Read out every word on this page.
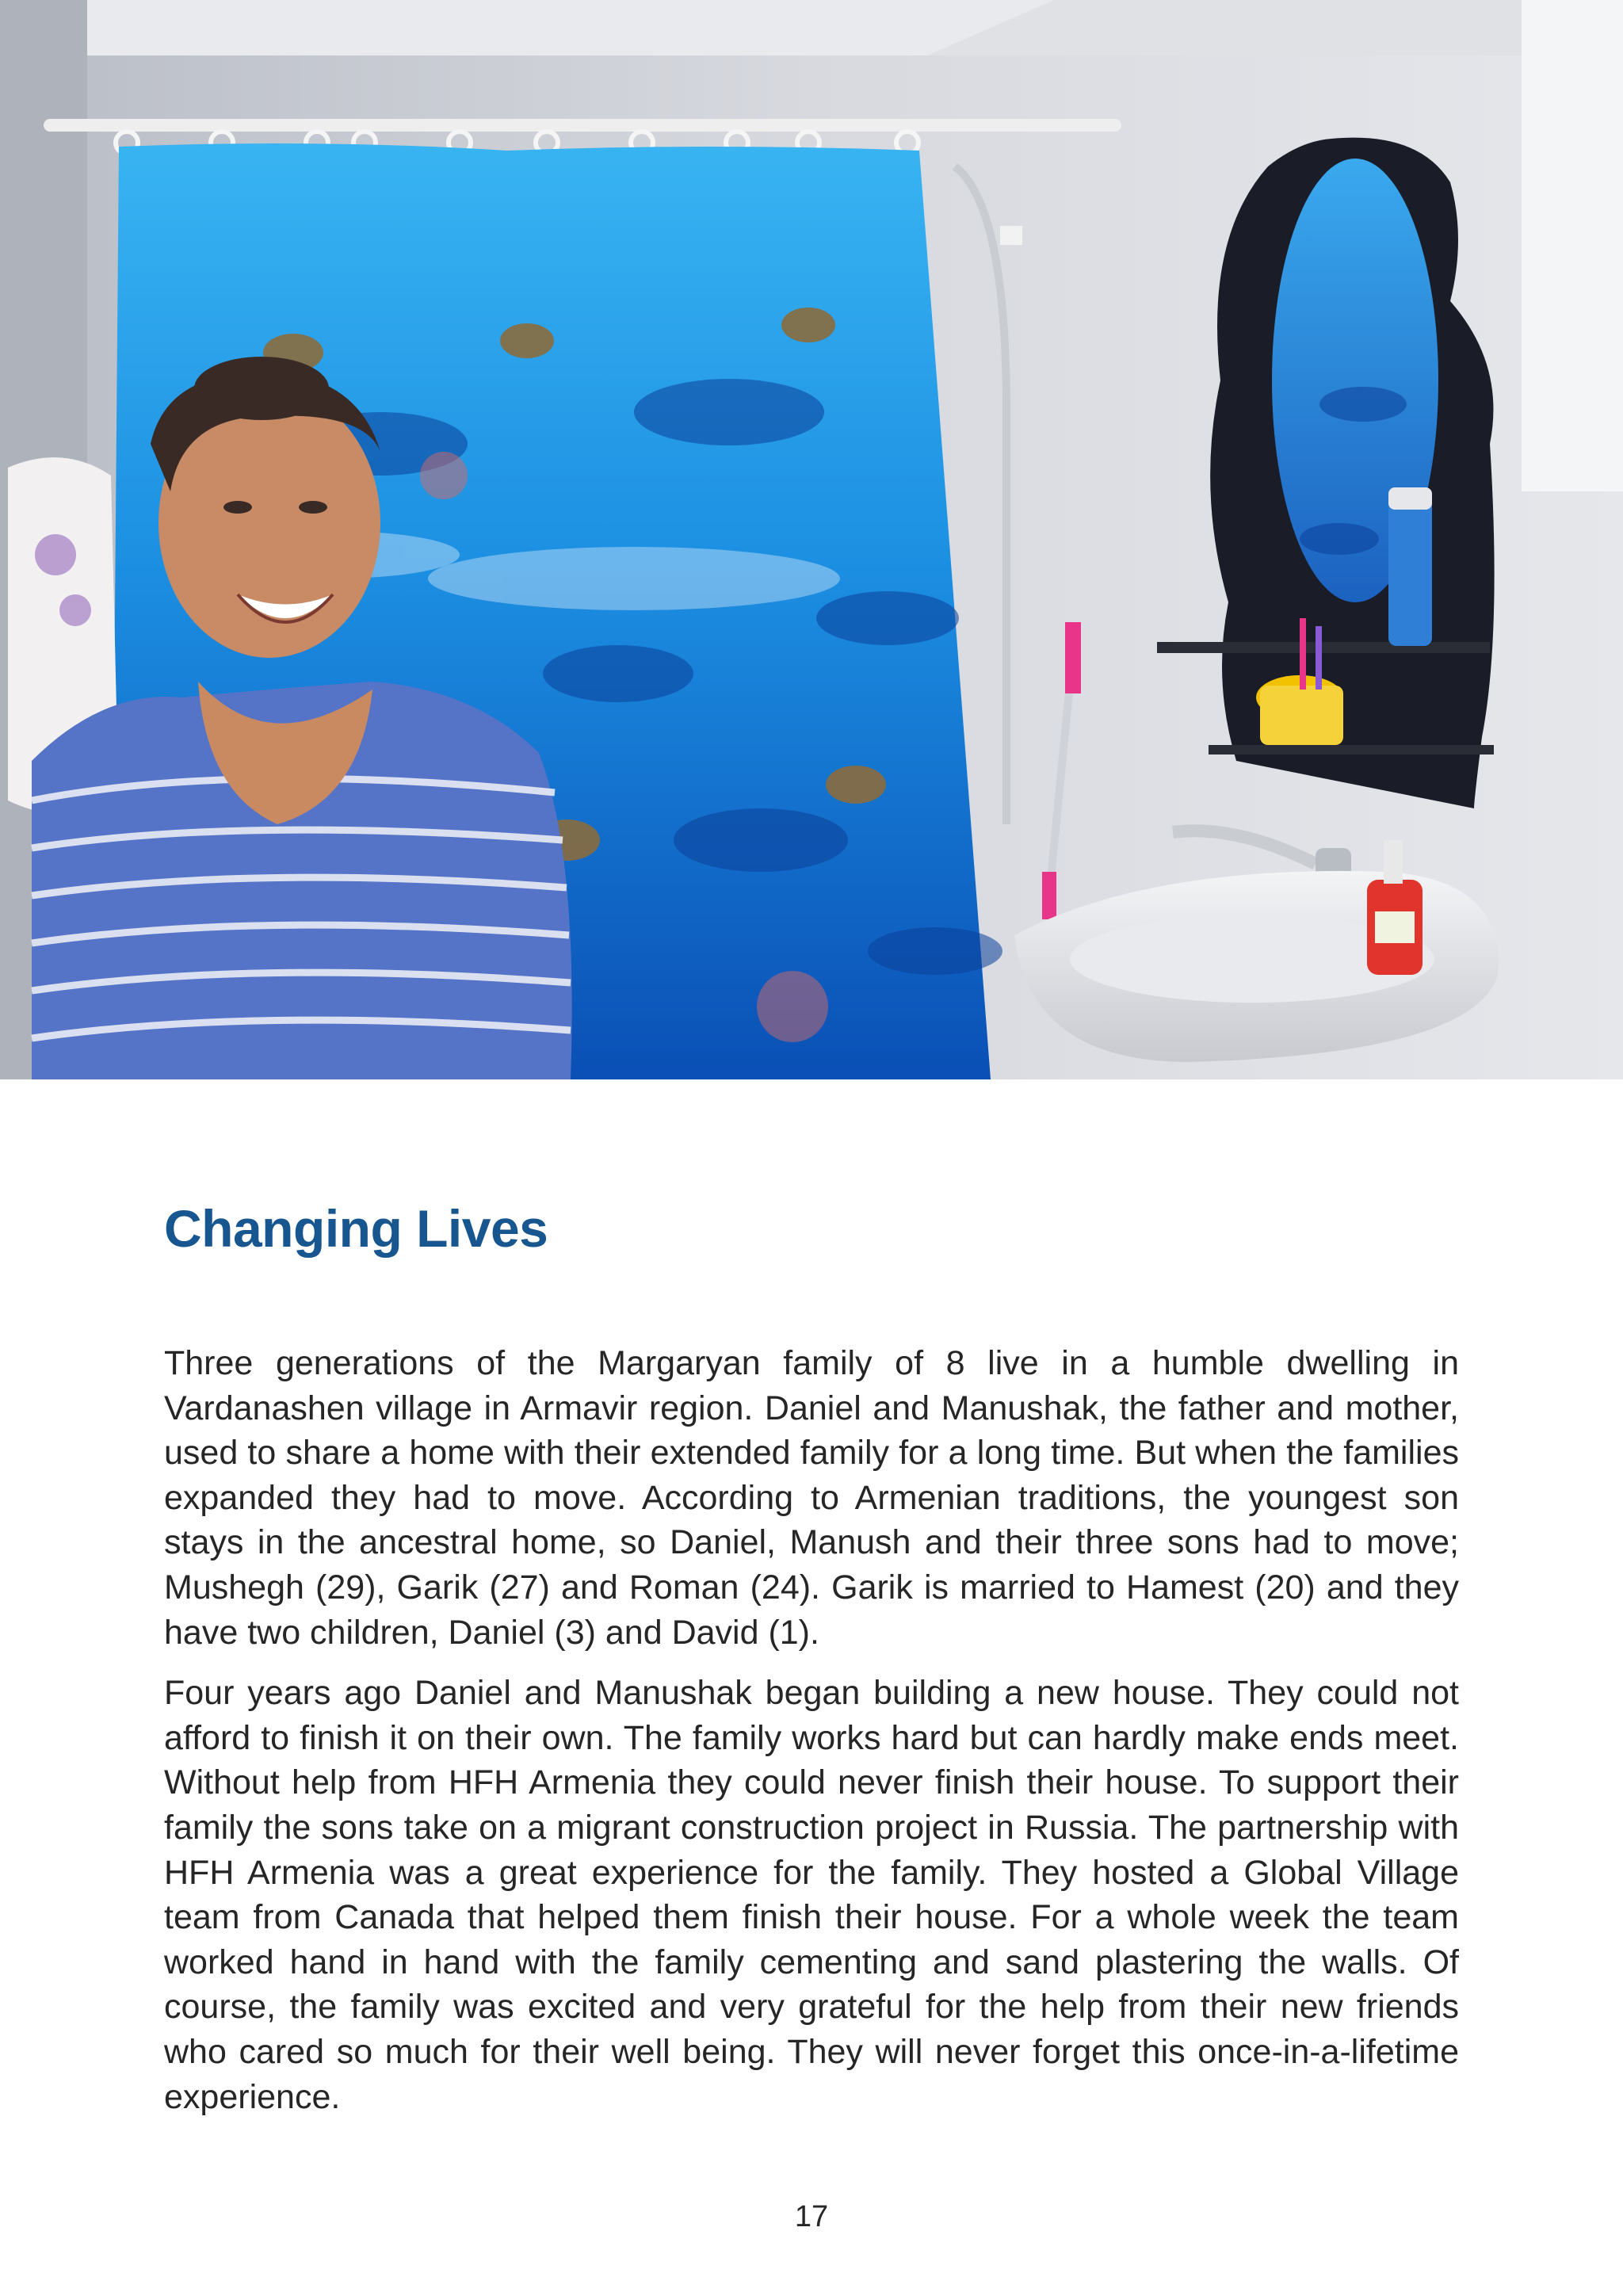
Changing Lives

Three generations of the Margaryan family of 8 live in a humble dwelling in Vardanashen village in Armavir region. Daniel and Manushak, the father and mother, used to share a home with their extended family for a long time. But when the families expanded they had to move. According to Armenian traditions, the youngest son stays in the ancestral home, so Daniel, Manush and their three sons had to move; Mushegh (29), Garik (27) and Roman (24). Garik is married to Hamest (20) and they have two children, Daniel (3) and David (1).

Four years ago Daniel and Manushak began building a new house. They could not afford to finish it on their own. The family works hard but can hardly make ends meet. Without help from HFH Armenia they could never finish their house. To support their family the sons take on a migrant construction project in Russia. The partnership with HFH Armenia was a great experience for the family. They hosted a Global Village team from Canada that helped them finish their house. For a whole week the team worked hand in hand with the family cementing and sand plastering the walls. Of course, the family was excited and very grateful for the help from their new friends who cared so much for their well being. They will never forget this once-in-a-lifetime experience.

17
